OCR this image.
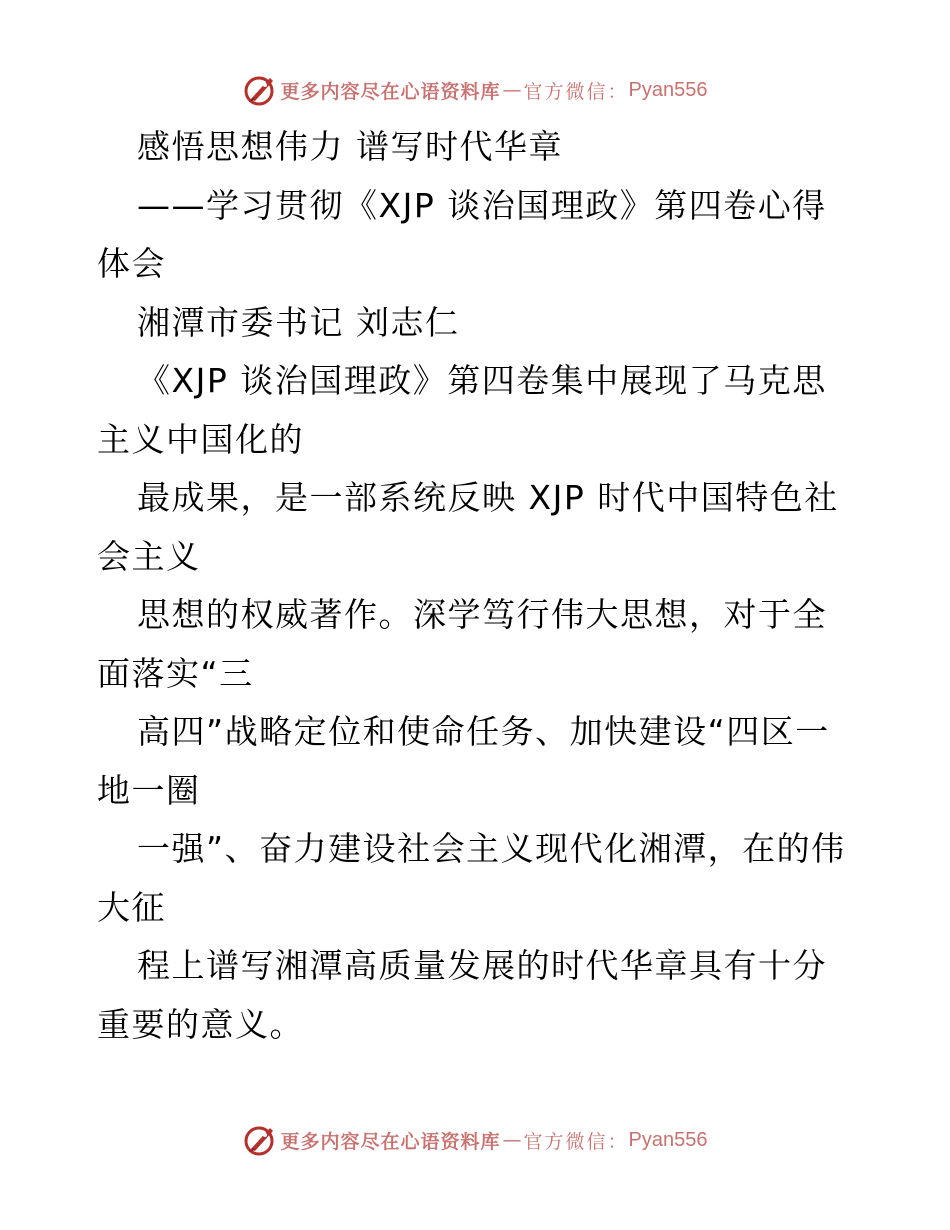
更多内容尽在心语资料库 — 官方微信： Pyan556

感悟思想伟力 谱写时代华章

——学习贯彻《XJP 谈治国理政》第四卷心得体会

湘潭市委书记 刘志仁

《XJP 谈治国理政》第四卷集中展现了马克思主义中国化的

最成果，是一部系统反映 XJP 时代中国特色社会主义

思想的权威著作。深学笃行伟大思想，对于全面落实“三

高四”战略定位和使命任务、加快建设“四区一地一圈

一强”、奋力建设社会主义现代化湘潭，在的伟大征

程上谱写湘潭高质量发展的时代华章具有十分重要的意义。

更多内容尽在心语资料库 — 官方微信： Pyan556
